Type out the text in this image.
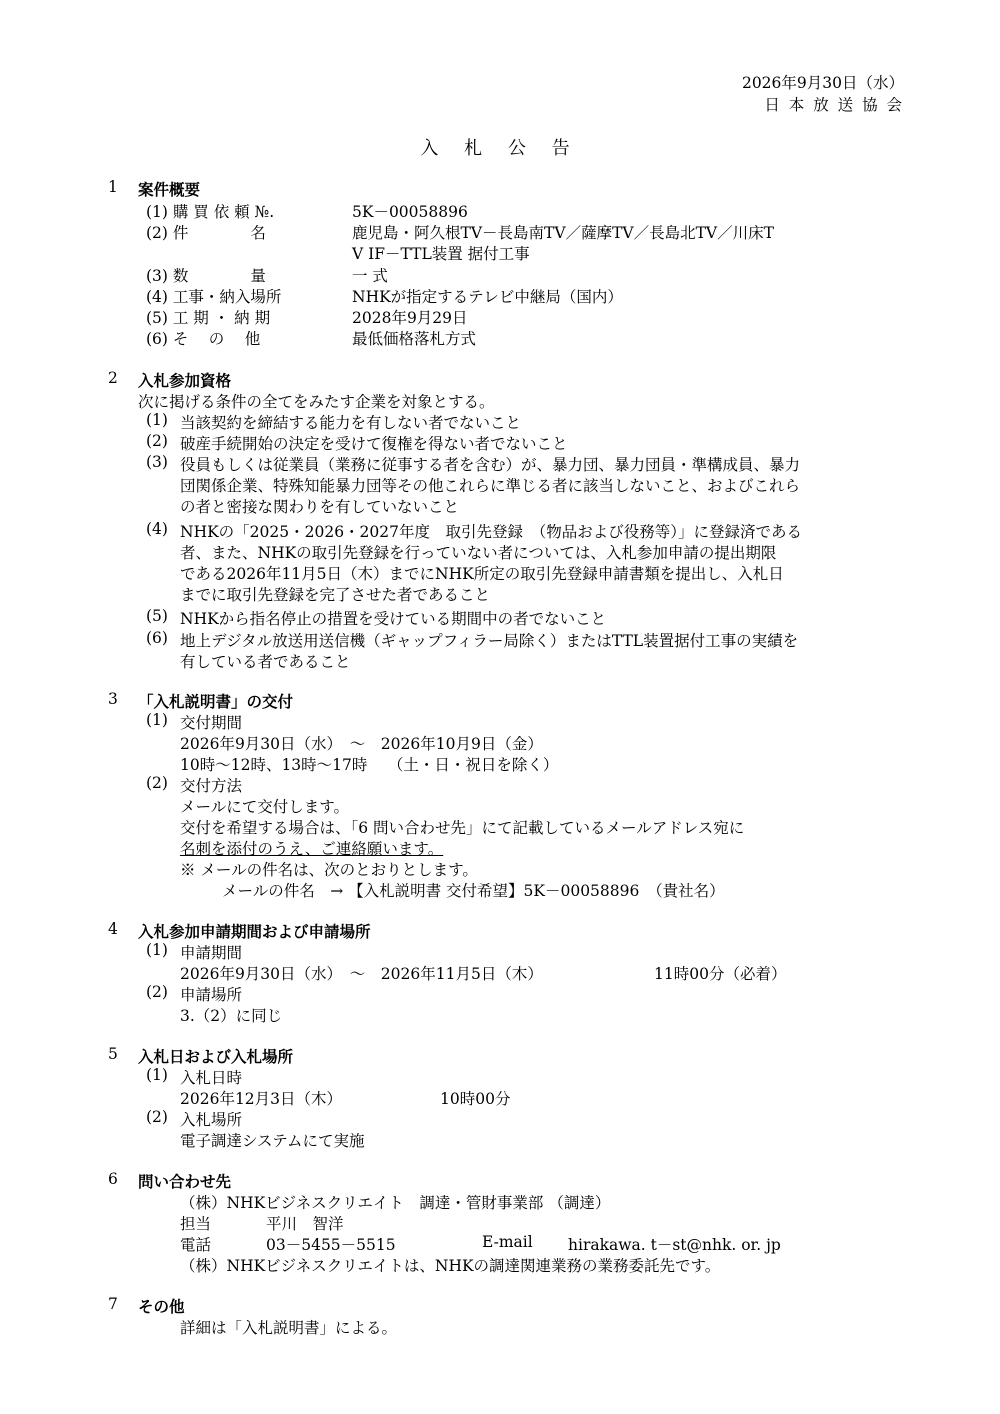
2026年9月30日（水）
日 本 放 送 協 会
入 札 公 告
1 案件概要
(1) 購 買 依 頼 №.	5K－00058896
(2) 件　　　　名	鹿児島・阿久根TV－長島南TV／薩摩TV／長島北TV／川床T
V IF－TTL装置 据付工事
(3) 数　　　　量	一 式
(4) 工事・納入場所	NHKが指定するテレビ中継局（国内）
(5) 工 期 ・ 納 期	2028年9月29日
(6) そ　 の 　他	最低価格落札方式
2 入札参加資格
次に掲げる条件の全てをみたす企業を対象とする。
(1) 当該契約を締結する能力を有しない者でないこと
(2) 破産手続開始の決定を受けて復権を得ない者でないこと
(3) 役員もしくは従業員（業務に従事する者を含む）が、暴力団、暴力団員・準構成員、暴力
団関係企業、特殊知能暴力団等その他これらに準じる者に該当しないこと、およびこれら
の者と密接な関わりを有していないこと
(4) NHKの「2025・2026・2027年度　取引先登録　（物品および役務等）」に登録済である
者、また、NHKの取引先登録を行っていない者については、入札参加申請の提出期限
である2026年11月5日（木）までにNHK所定の取引先登録申請書類を提出し、入札日
までに取引先登録を完了させた者であること
(5) NHKから指名停止の措置を受けている期間中の者でないこと
(6) 地上デジタル放送用送信機（ギャップフィラー局除く）またはTTL装置据付工事の実績を
有している者であること
3 「入札説明書」の交付
(1) 交付期間
2026年9月30日（水）　～　2026年10月9日（金）
10時～12時、13時～17時　 （土・日・祝日を除く）
(2) 交付方法
メールにて交付します。
交付を希望する場合は、「6 問い合わせ先」にて記載しているメールアドレス宛に
名刺を添付のうえ、ご連絡願います。
※ メールの件名は、次のとおりとします。
メールの件名　→ 【入札説明書 交付希望】5K－00058896　（貴社名）
4 入札参加申請期間および申請場所
(1) 申請期間
2026年9月30日（水）　～　2026年11月5日（木）	11時00分（必着）
(2) 申請場所
3.（2）に同じ
5 入札日および入札場所
(1) 入札日時
2026年12月3日（木）	10時00分
(2) 入札場所
電子調達システムにて実施
6 問い合わせ先
（株）NHKビジネスクリエイト　調達・管財事業部 （調達）
担当	平川　智洋
電話	03－5455－5515	E-mail hirakawa. t－st@nhk. or. jp
（株）NHKビジネスクリエイトは、NHKの調達関連業務の業務委託先です。
7 その他
詳細は「入札説明書」による。
